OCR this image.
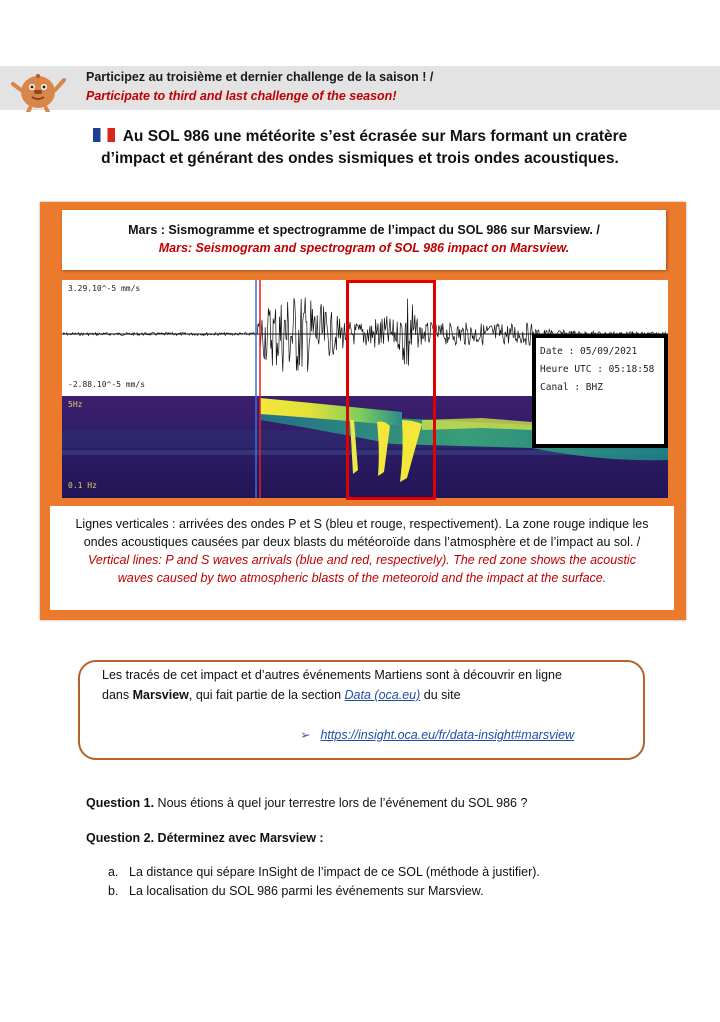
Participez au troisième et dernier challenge de la saison ! /
Participate to third and last challenge of the season!
Au SOL 986 une météorite s’est écrasée sur Mars formant un cratère
d’impact et générant des ondes sismiques et trois ondes acoustiques.
Mars : Sismogramme et spectrogramme de l’impact du SOL 986 sur Marsview. /
Mars: Seismogram and spectrogram of SOL 986 impact on Marsview.
3.29.10^-5 mm/s
-2.88.10^-5 mm/s
5Hz
0.1 Hz
Date : 05/09/2021
Heure UTC : 05:18:58
Canal : BHZ
Lignes verticales : arrivées des ondes P et S (bleu et rouge, respectivement). La zone rouge indique les ondes acoustiques causées par deux blasts du météoroïde dans l’atmosphère et de l’impact au sol. /
Vertical lines: P and S waves arrivals (blue and red, respectively). The red zone shows the acoustic waves caused by two atmospheric blasts of the meteoroid and the impact at the surface.
Les tracés de cet impact et d’autres événements Martiens sont à découvrir en ligne
dans Marsview, qui fait partie de la section Data (oca.eu) du site
➢ https://insight.oca.eu/fr/data-insight#marsview
Question 1. Nous étions à quel jour terrestre lors de l’événement du SOL 986 ?
Question 2. Déterminez avec Marsview :
a. La distance qui sépare InSight de l’impact de ce SOL (méthode à justifier).
b. La localisation du SOL 986 parmi les événements sur Marsview.
